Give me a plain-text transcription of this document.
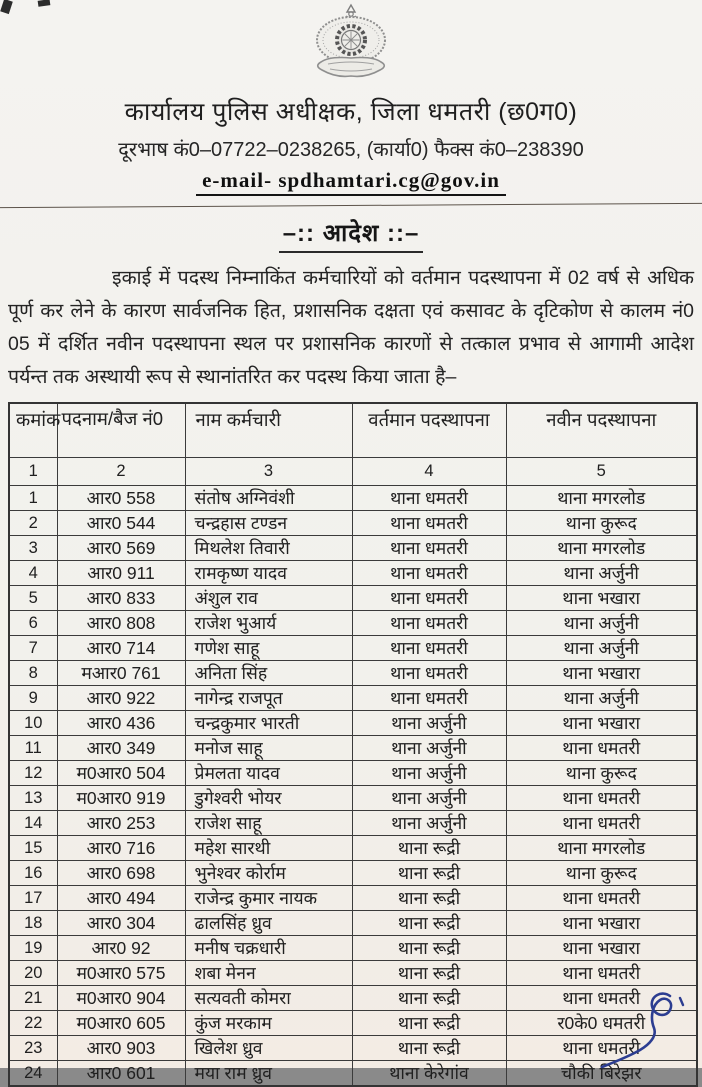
कार्यालय पुलिस अधीक्षक, जिला धमतरी (छ0ग0)
दूरभाष कं0–07722–0238265, (कार्या0) फैक्स कं0–238390
e-mail- spdhamtari.cg@gov.in
–:: आदेश ::–

इकाई में पदस्थ निम्नाकिंत कर्मचारियों को वर्तमान पदस्थापना में 02 वर्ष से अधिक पूर्ण कर लेने के कारण सार्वजनिक हित, प्रशासनिक दक्षता एवं कसावट के दृटिकोण से कालम नं0 05 में दर्शित नवीन पदस्थापना स्थल पर प्रशासनिक कारणों से तत्काल प्रभाव से आगामी आदेश पर्यन्त तक अस्थायी रूप से स्थानांतरित कर पदस्थ किया जाता है–

कमांक	पदनाम/बैज नं0	नाम कर्मचारी	वर्तमान पदस्थापना	नवीन पदस्थापना
1	2	3	4	5
1	आर0 558	संतोष अग्निवंशी	थाना धमतरी	थाना मगरलोड
2	आर0 544	चन्द्रहास टण्डन	थाना धमतरी	थाना कुरूद
3	आर0 569	मिथलेश तिवारी	थाना धमतरी	थाना मगरलोड
4	आर0 911	रामकृष्ण यादव	थाना धमतरी	थाना अर्जुनी
5	आर0 833	अंशुल राव	थाना धमतरी	थाना भखारा
6	आर0 808	राजेश भुआर्य	थाना धमतरी	थाना अर्जुनी
7	आर0 714	गणेश साहू	थाना धमतरी	थाना अर्जुनी
8	मआर0 761	अनिता सिंह	थाना धमतरी	थाना भखारा
9	आर0 922	नागेन्द्र राजपूत	थाना धमतरी	थाना अर्जुनी
10	आर0 436	चन्द्रकुमार भारती	थाना अर्जुनी	थाना भखारा
11	आर0 349	मनोज साहू	थाना अर्जुनी	थाना धमतरी
12	म0आर0 504	प्रेमलता यादव	थाना अर्जुनी	थाना कुरूद
13	म0आर0 919	डुगेश्वरी भोयर	थाना अर्जुनी	थाना धमतरी
14	आर0 253	राजेश साहू	थाना अर्जुनी	थाना धमतरी
15	आर0 716	महेश सारथी	थाना रूद्री	थाना मगरलोड
16	आर0 698	भुनेश्वर कोर्राम	थाना रूद्री	थाना कुरूद
17	आर0 494	राजेन्द्र कुमार नायक	थाना रूद्री	थाना धमतरी
18	आर0 304	ढालसिंह ध्रुव	थाना रूद्री	थाना भखारा
19	आर0 92	मनीष चक्रधारी	थाना रूद्री	थाना भखारा
20	म0आर0 575	शबा मेनन	थाना रूद्री	थाना धमतरी
21	म0आर0 904	सत्यवती कोमरा	थाना रूद्री	थाना धमतरी
22	म0आर0 605	कुंज मरकाम	थाना रूद्री	र0के0 धमतरी
23	आर0 903	खिलेश ध्रुव	थाना रूद्री	थाना धमतरी
24	आर0 601	मया राम ध्रुव	थाना केरेगांव	चौकी बिरेझर
